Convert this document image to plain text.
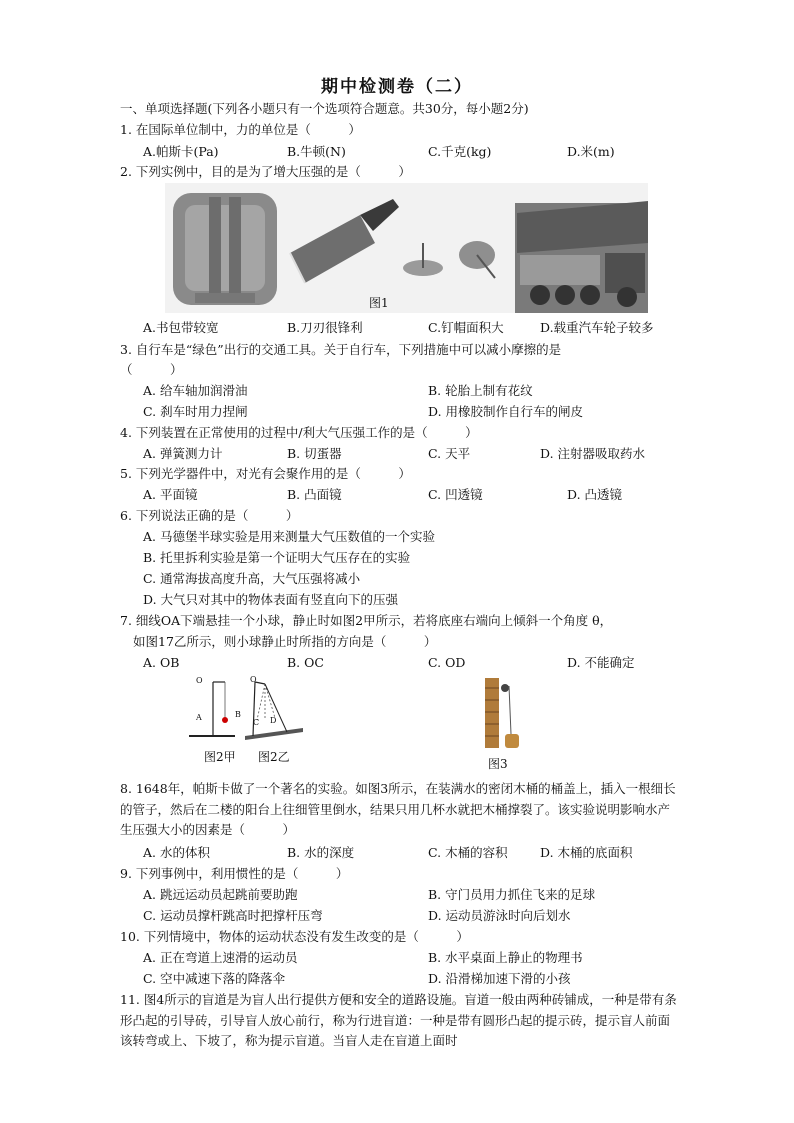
期中检测卷（二）
一、单项选择题(下列各小题只有一个选项符合题意。共30分，每小题2分)
1. 在国际单位制中，力的单位是（　　　）
A.帕斯卡(Pa)	B.牛顿(N)	C.千克(kg)	D.米(m)
2. 下列实例中，目的是为了增大压强的是（　　　）
图1
A.书包带较宽	B.刀刃很锋利	C.钉帽面积大	D.载重汽车轮子较多
3. 自行车是“绿色”出行的交通工具。关于自行车，下列措施中可以减小摩擦的是
（　　　）
A. 给车轴加润滑油	B. 轮胎上制有花纹
C. 刹车时用力捏闸	D. 用橡胶制作自行车的闸皮
4. 下列装置在正常使用的过程中/利大气压强工作的是（　　　）
A. 弹簧测力计	B. 切蛋器	C. 天平	D. 注射器吸取药水
5. 下列光学器件中，对光有会聚作用的是（　　　）
A. 平面镜	B. 凸面镜	C. 凹透镜	D. 凸透镜
6. 下列说法正确的是（　　　）
A. 马德堡半球实验是用来测量大气压数值的一个实验
B. 托里拆利实验是第一个证明大气压存在的实验
C. 通常海拔高度升高，大气压强将减小
D. 大气只对其中的物体表面有竖直向下的压强
7. 细线OA下端悬挂一个小球，静止时如图2甲所示，若将底座右端向上倾斜一个角度 θ，
如图17乙所示，则小球静止时所指的方向是（　　　）
A. OB	B. OC	C. OD	D. 不能确定
O
A	B
O
C D
图2甲 图2乙	图3
8. 1648年，帕斯卡做了一个著名的实验。如图3所示，在装满水的密闭木桶的桶盖上，插入一根细长的管子，然后在二楼的阳台上往细管里倒水，结果只用几杯水就把木桶撑裂了。该实验说明影响水产生压强大小的因素是（　　　）
A. 水的体积	B. 水的深度	C. 木桶的容积	D. 木桶的底面积
9. 下列事例中，利用惯性的是（　　　）
A. 跳远运动员起跳前要助跑	B. 守门员用力抓住飞来的足球
C. 运动员撑杆跳高时把撑杆压弯	D. 运动员游泳时向后划水
10. 下列情境中，物体的运动状态没有发生改变的是（　　　）
A. 正在弯道上速滑的运动员	B. 水平桌面上静止的物理书
C. 空中减速下落的降落伞	D. 沿滑梯加速下滑的小孩
11. 图4所示的盲道是为盲人出行提供方便和安全的道路设施。盲道一般由两种砖铺成，一种是带有条形凸起的引导砖，引导盲人放心前行，称为行进盲道：一种是带有圆形凸起的提示砖，提示盲人前面该转弯或上、下坡了，称为提示盲道。当盲人走在盲道上面时
